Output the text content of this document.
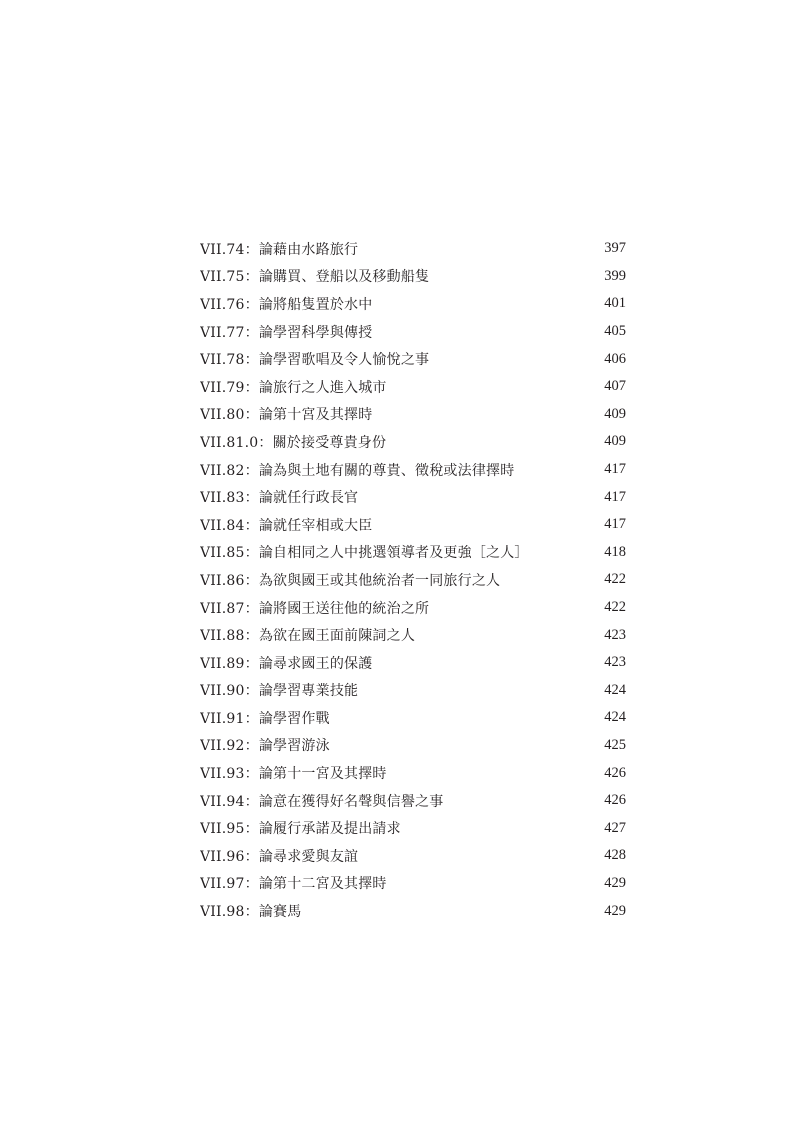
VII.74：論藉由水路旅行	397
VII.75：論購買、登船以及移動船隻	399
VII.76：論將船隻置於水中	401
VII.77：論學習科學與傳授	405
VII.78：論學習歌唱及令人愉悅之事	406
VII.79：論旅行之人進入城市	407
VII.80：論第十宮及其擇時	409
VII.81.0：關於接受尊貴身份	409
VII.82：論為與土地有關的尊貴、徵稅或法律擇時	417
VII.83：論就任行政長官	417
VII.84：論就任宰相或大臣	417
VII.85：論自相同之人中挑選領導者及更強［之人］	418
VII.86：為欲與國王或其他統治者一同旅行之人	422
VII.87：論將國王送往他的統治之所	422
VII.88：為欲在國王面前陳詞之人	423
VII.89：論尋求國王的保護	423
VII.90：論學習專業技能	424
VII.91：論學習作戰	424
VII.92：論學習游泳	425
VII.93：論第十一宮及其擇時	426
VII.94：論意在獲得好名聲與信譽之事	426
VII.95：論履行承諾及提出請求	427
VII.96：論尋求愛與友誼	428
VII.97：論第十二宮及其擇時	429
VII.98：論賽馬	429
